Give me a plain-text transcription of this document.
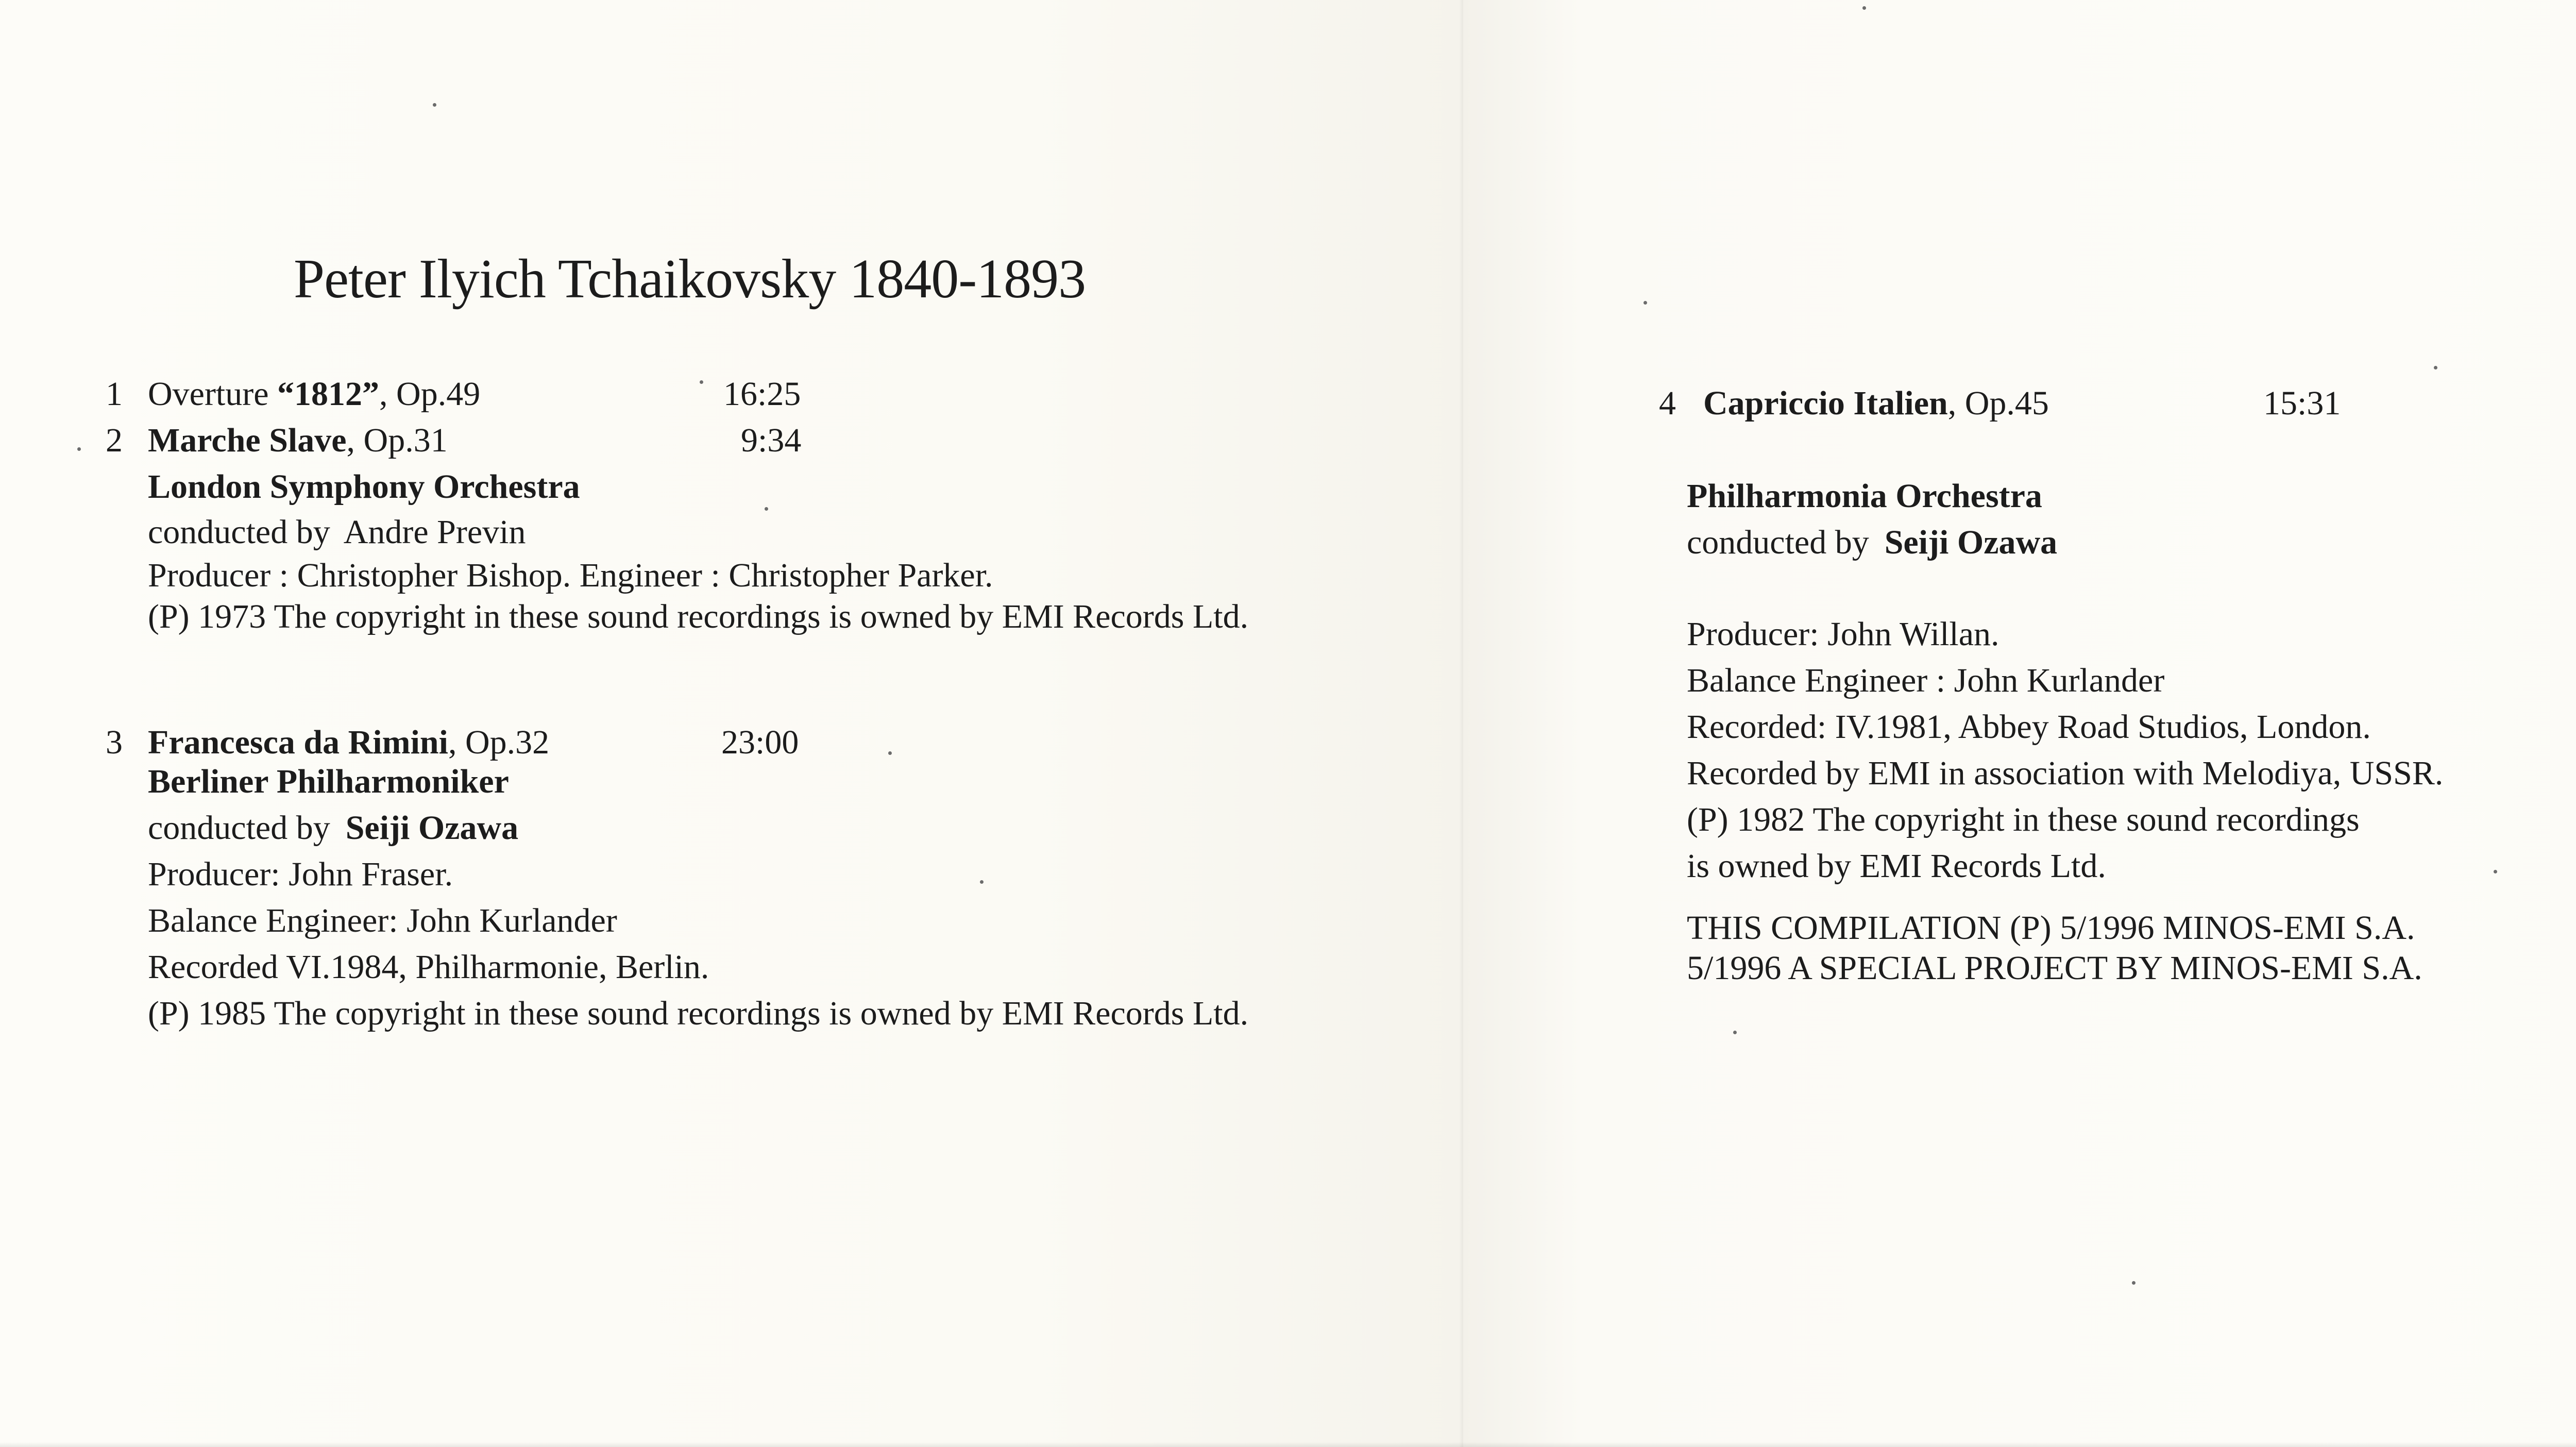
Peter Ilyich Tchaikovsky 1840-1893
1 Overture “1812”, Op.49	16:25
2 Marche Slave, Op.31	9:34
London Symphony Orchestra
conducted by Andre Previn
Producer : Christopher Bishop. Engineer : Christopher Parker.
(P) 1973 The copyright in these sound recordings is owned by EMI Records Ltd.
3 Francesca da Rimini, Op.32	23:00
Berliner Philharmoniker
conducted by Seiji Ozawa
Producer: John Fraser.
Balance Engineer: John Kurlander
Recorded VI.1984, Philharmonie, Berlin.
(P) 1985 The copyright in these sound recordings is owned by EMI Records Ltd.
4 Capriccio Italien, Op.45	15:31
Philharmonia Orchestra
conducted by Seiji Ozawa
Producer: John Willan.
Balance Engineer : John Kurlander
Recorded: IV.1981, Abbey Road Studios, London.
Recorded by EMI in association with Melodiya, USSR.
(P) 1982 The copyright in these sound recordings
is owned by EMI Records Ltd.
THIS COMPILATION (P) 5/1996 MINOS-EMI S.A.
5/1996 A SPECIAL PROJECT BY MINOS-EMI S.A.
